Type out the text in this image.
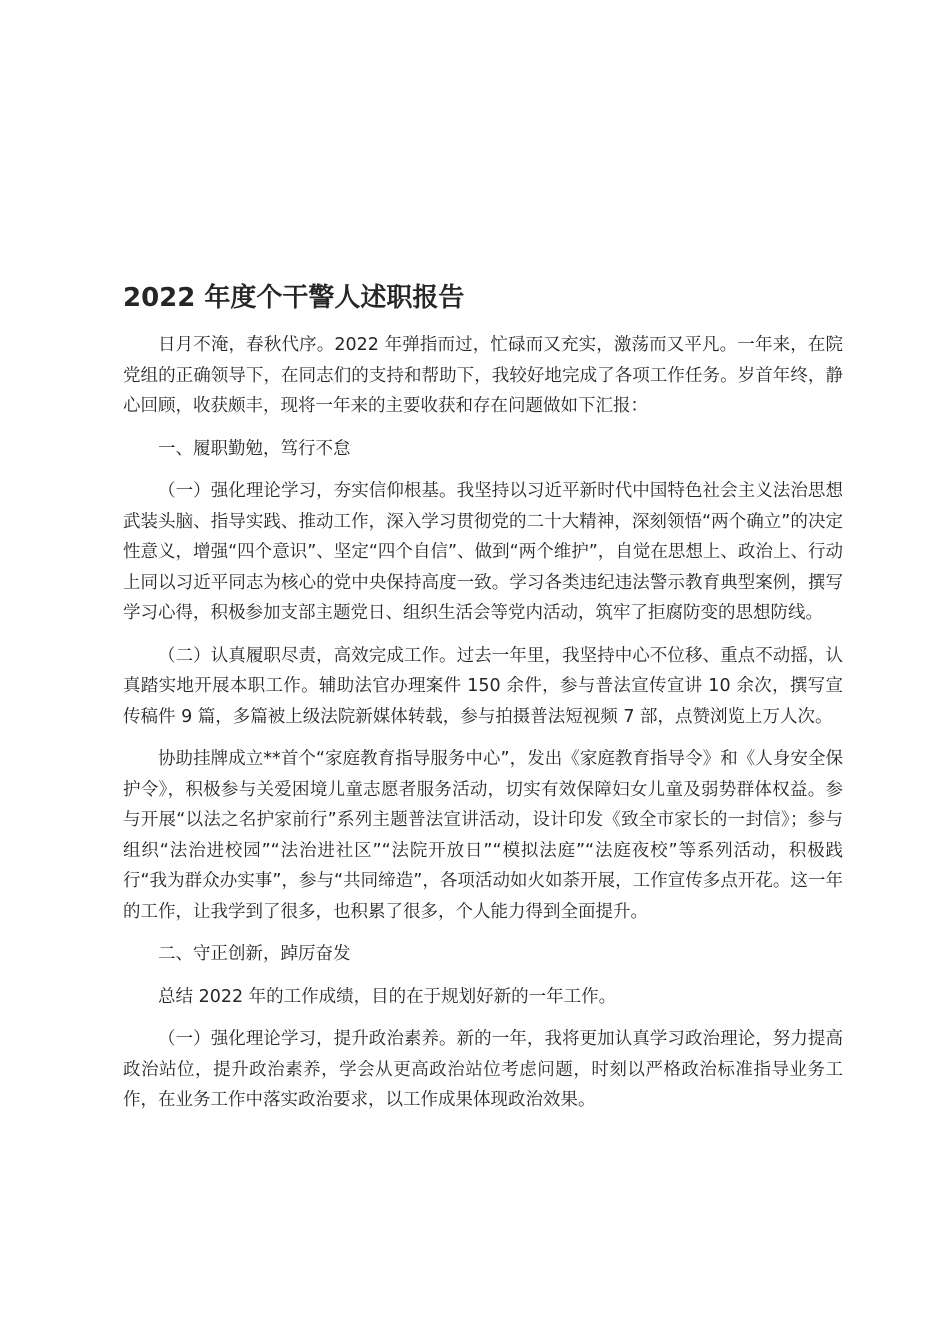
2022 年度个干警人述职报告

日月不淹，春秋代序。2022 年弹指而过，忙碌而又充实，激荡而又平凡。一年来，在院党组的正确领导下，在同志们的支持和帮助下，我较好地完成了各项工作任务。岁首年终，静心回顾，收获颇丰，现将一年来的主要收获和存在问题做如下汇报：

一、履职勤勉，笃行不怠

（一）强化理论学习，夯实信仰根基。我坚持以习近平新时代中国特色社会主义法治思想武装头脑、指导实践、推动工作，深入学习贯彻党的二十大精神，深刻领悟“两个确立”的决定性意义，增强“四个意识”、坚定“四个自信”、做到“两个维护”，自觉在思想上、政治上、行动上同以习近平同志为核心的党中央保持高度一致。学习各类违纪违法警示教育典型案例，撰写学习心得，积极参加支部主题党日、组织生活会等党内活动，筑牢了拒腐防变的思想防线。

（二）认真履职尽责，高效完成工作。过去一年里，我坚持中心不位移、重点不动摇，认真踏实地开展本职工作。辅助法官办理案件 150 余件，参与普法宣传宣讲 10 余次，撰写宣传稿件 9 篇，多篇被上级法院新媒体转载，参与拍摄普法短视频 7 部，点赞浏览上万人次。

协助挂牌成立**首个“家庭教育指导服务中心”，发出《家庭教育指导令》和《人身安全保护令》，积极参与关爱困境儿童志愿者服务活动，切实有效保障妇女儿童及弱势群体权益。参与开展“以法之名护家前行”系列主题普法宣讲活动，设计印发《致全市家长的一封信》；参与组织“法治进校园”“法治进社区”“法院开放日”“模拟法庭”“法庭夜校”等系列活动，积极践行“我为群众办实事”，参与“共同缔造”，各项活动如火如荼开展，工作宣传多点开花。这一年的工作，让我学到了很多，也积累了很多，个人能力得到全面提升。

二、守正创新，踔厉奋发

总结 2022 年的工作成绩，目的在于规划好新的一年工作。

（一）强化理论学习，提升政治素养。新的一年，我将更加认真学习政治理论，努力提高政治站位，提升政治素养，学会从更高政治站位考虑问题，时刻以严格政治标准指导业务工作，在业务工作中落实政治要求，以工作成果体现政治效果。
